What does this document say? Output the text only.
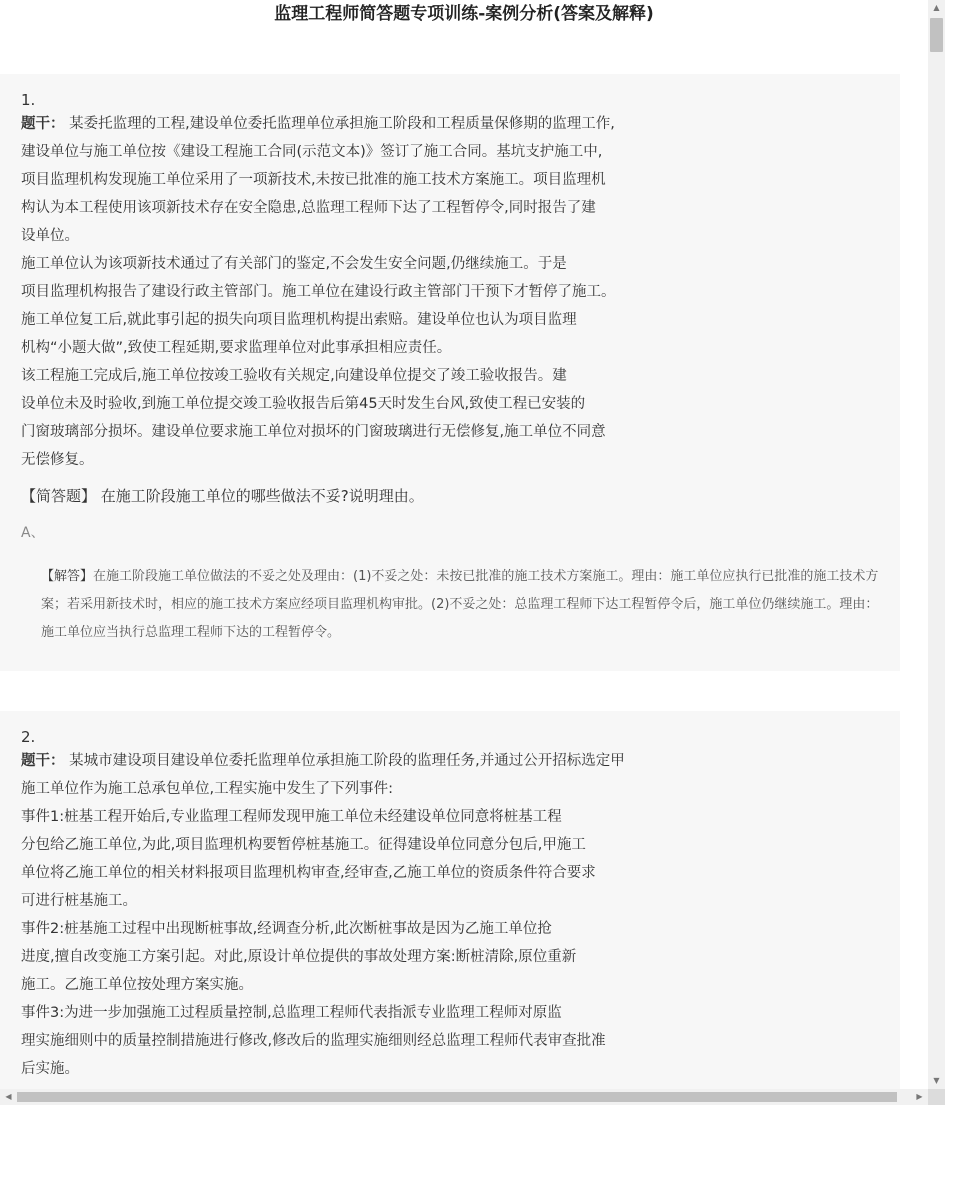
监理工程师简答题专项训练-案例分析(答案及解释)
1.
题干： 某委托监理的工程,建设单位委托监理单位承担施工阶段和工程质量保修期的监理工作,
建设单位与施工单位按《建设工程施工合同(示范文本)》签订了施工合同。基坑支护施工中,
项目监理机构发现施工单位采用了一项新技术,未按已批准的施工技术方案施工。项目监理机
构认为本工程使用该项新技术存在安全隐患,总监理工程师下达了工程暂停令,同时报告了建
设单位。
施工单位认为该项新技术通过了有关部门的鉴定,不会发生安全问题,仍继续施工。于是
项目监理机构报告了建设行政主管部门。施工单位在建设行政主管部门干预下才暂停了施工。
施工单位复工后,就此事引起的损失向项目监理机构提出索赔。建设单位也认为项目监理
机构“小题大做”,致使工程延期,要求监理单位对此事承担相应责任。
该工程施工完成后,施工单位按竣工验收有关规定,向建设单位提交了竣工验收报告。建
设单位未及时验收,到施工单位提交竣工验收报告后第45天时发生台风,致使工程已安装的
门窗玻璃部分损坏。建设单位要求施工单位对损坏的门窗玻璃进行无偿修复,施工单位不同意
无偿修复。
【简答题】 在施工阶段施工单位的哪些做法不妥?说明理由。
A、
【解答】在施工阶段施工单位做法的不妥之处及理由：(1)不妥之处：未按已批准的施工技术方案施工。理由：施工单位应执行已批准的施工技术方案；若采用新技术时，相应的施工技术方案应经项目监理机构审批。(2)不妥之处：总监理工程师下达工程暂停令后，施工单位仍继续施工。理由：施工单位应当执行总监理工程师下达的工程暂停令。
2.
题干： 某城市建设项目建设单位委托监理单位承担施工阶段的监理任务,并通过公开招标选定甲
施工单位作为施工总承包单位,工程实施中发生了下列事件:
事件1:桩基工程开始后,专业监理工程师发现甲施工单位未经建设单位同意将桩基工程
分包给乙施工单位,为此,项目监理机构要暂停桩基施工。征得建设单位同意分包后,甲施工
单位将乙施工单位的相关材料报项目监理机构审查,经审查,乙施工单位的资质条件符合要求
可进行桩基施工。
事件2:桩基施工过程中出现断桩事故,经调查分析,此次断桩事故是因为乙施工单位抢
进度,擅自改变施工方案引起。对此,原设计单位提供的事故处理方案:断桩清除,原位重新
施工。乙施工单位按处理方案实施。
事件3:为进一步加强施工过程质量控制,总监理工程师代表指派专业监理工程师对原监
理实施细则中的质量控制措施进行修改,修改后的监理实施细则经总监理工程师代表审查批准
后实施。
▲
▼
◀	▶
